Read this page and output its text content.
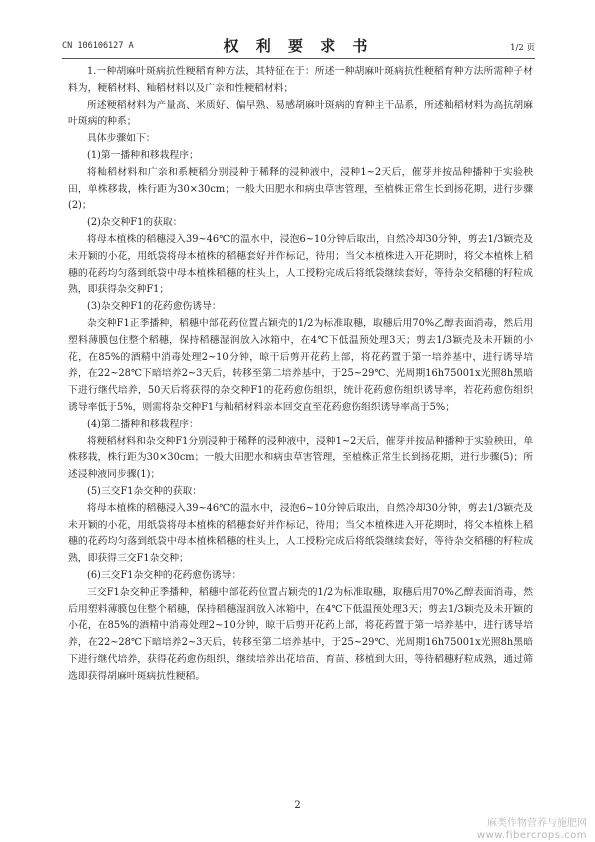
CN 106106127 A	权 利 要 求 书	1/2 页

1.一种胡麻叶斑病抗性粳稻育种方法，其特征在于：所述一种胡麻叶斑病抗性粳稻育种方法所需种子材料为，粳稻材料、籼稻材料以及广亲和性粳稻材料；

所述粳稻材料为产量高、米质好、偏早熟、易感胡麻叶斑病的育种主干品系，所述籼稻材料为高抗胡麻叶斑病的种系；

具体步骤如下：

(1)第一播种和移栽程序；

将籼稻材料和广亲和系粳稻分别浸种于稀释的浸种液中，浸种1~2天后，催芽并按品种播种于实验秧田，单株移栽，株行距为30×30cm；一般大田肥水和病虫草害管理，至植株正常生长到扬花期，进行步骤(2)；

(2)杂交种F1的获取：

将母本植株的稻穗浸入39~46℃的温水中，浸泡6~10分钟后取出，自然冷却30分钟，剪去1/3颖壳及未开颖的小花，用纸袋将母本植株的稻穗套好并作标记，待用；当父本植株进入开花期时，将父本植株上稻穗的花药均匀落到纸袋中母本植株稻穗的柱头上，人工授粉完成后将纸袋继续套好，等待杂交稻穗的籽粒成熟，即获得杂交种F1；

(3)杂交种F1的花药愈伤诱导：

杂交种F1正季播种，稻穗中部花药位置占颖壳的1/2为标准取穗，取穗后用70%乙醇表面消毒，然后用塑料薄膜包住整个稻穗，保持稻穗湿润放入冰箱中，在4℃下低温预处理3天；剪去1/3颖壳及未开颖的小花，在85%的酒精中消毒处理2~10分钟，晾干后剪开花药上部，将花药置于第一培养基中，进行诱导培养，在22~28℃下暗培养2~3天后，转移至第二培养基中，于25~29℃、光周期16h75001x光照8h黑暗下进行继代培养，50天后将获得的杂交种F1的花药愈伤组织，统计花药愈伤组织诱导率，若花药愈伤组织诱导率低于5%，则需将杂交种F1与籼稻材料亲本回交直至花药愈伤组织诱导率高于5%；

(4)第二播种和移栽程序：

将粳稻材料和杂交种F1分别浸种于稀释的浸种液中，浸种1~2天后，催芽并按品种播种于实验秧田，单株移栽，株行距为30×30cm；一般大田肥水和病虫草害管理，至植株正常生长到扬花期，进行步骤(5)；所述浸种液同步骤(1)；

(5)三交F1杂交种的获取：

将母本植株的稻穗浸入39~46℃的温水中，浸泡6~10分钟后取出，自然冷却30分钟，剪去1/3颖壳及未开颖的小花，用纸袋将母本植株的稻穗套好并作标记，待用；当父本植株进入开花期时，将父本植株上稻穗的花药均匀落到纸袋中母本植株稻穗的柱头上，人工授粉完成后将纸袋继续套好，等待杂交稻穗的籽粒成熟，即获得三交F1杂交种；

(6)三交F1杂交种的花药愈伤诱导：

三交F1杂交种正季播种，稻穗中部花药位置占颖壳的1/2为标准取穗，取穗后用70%乙醇表面消毒，然后用塑料薄膜包住整个稻穗，保持稻穗湿润放入冰箱中，在4℃下低温预处理3天；剪去1/3颖壳及未开颖的小花，在85%的酒精中消毒处理2~10分钟，晾干后剪开花药上部，将花药置于第一培养基中，进行诱导培养，在22~28℃下暗培养2~3天后，转移至第二培养基中，于25~29℃、光周期16h75001x光照8h黑暗下进行继代培养，获得花药愈伤组织，继续培养出花培苗、育苗、移植到大田，等待稻穗籽粒成熟，通过筛选即获得胡麻叶斑病抗性粳稻。

2
麻类作物营养与施肥网
www.fibercrops.com
